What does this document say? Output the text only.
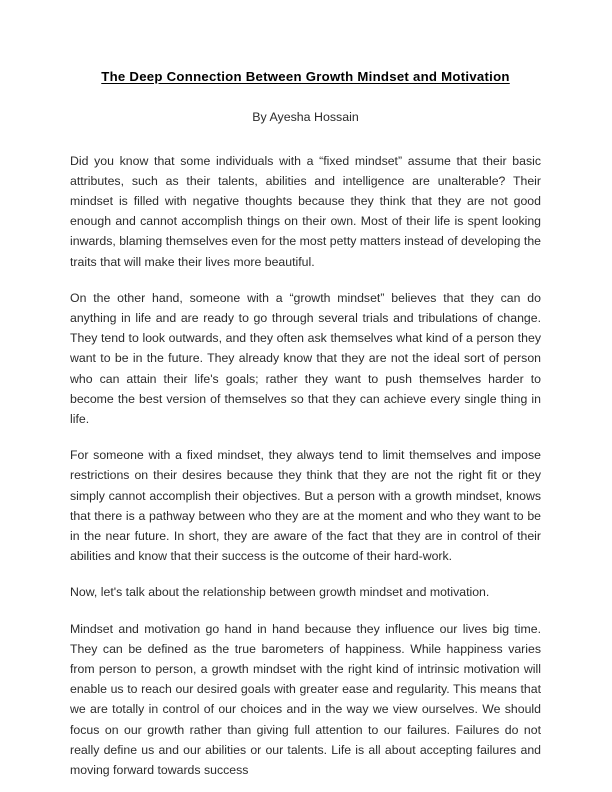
The Deep Connection Between Growth Mindset and Motivation

By Ayesha Hossain

Did you know that some individuals with a “fixed mindset” assume that their basic attributes, such as their talents, abilities and intelligence are unalterable? Their mindset is filled with negative thoughts because they think that they are not good enough and cannot accomplish things on their own. Most of their life is spent looking inwards, blaming themselves even for the most petty matters instead of developing the traits that will make their lives more beautiful.

On the other hand, someone with a “growth mindset” believes that they can do anything in life and are ready to go through several trials and tribulations of change. They tend to look outwards, and they often ask themselves what kind of a person they want to be in the future. They already know that they are not the ideal sort of person who can attain their life's goals; rather they want to push themselves harder to become the best version of themselves so that they can achieve every single thing in life.

For someone with a fixed mindset, they always tend to limit themselves and impose restrictions on their desires because they think that they are not the right fit or they simply cannot accomplish their objectives. But a person with a growth mindset, knows that there is a pathway between who they are at the moment and who they want to be in the near future. In short, they are aware of the fact that they are in control of their abilities and know that their success is the outcome of their hard-work.

Now, let's talk about the relationship between growth mindset and motivation.

Mindset and motivation go hand in hand because they influence our lives big time. They can be defined as the true barometers of happiness. While happiness varies from person to person, a growth mindset with the right kind of intrinsic motivation will enable us to reach our desired goals with greater ease and regularity. This means that we are totally in control of our choices and in the way we view ourselves. We should focus on our growth rather than giving full attention to our failures. Failures do not really define us and our abilities or our talents. Life is all about accepting failures and moving forward towards success
